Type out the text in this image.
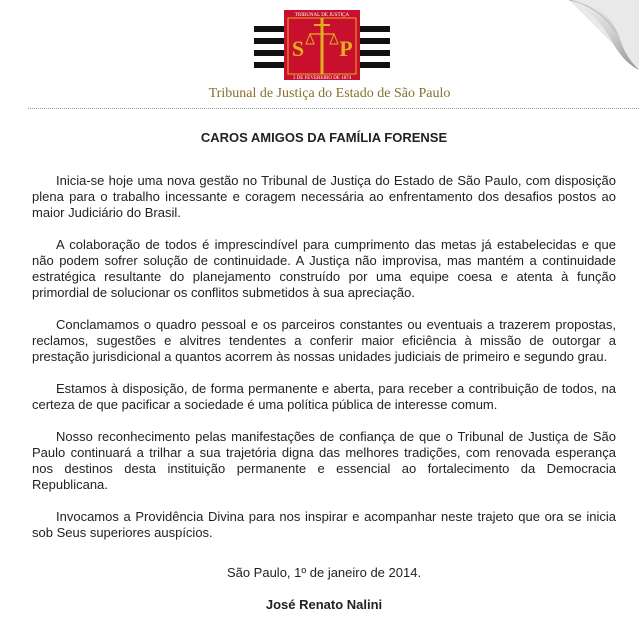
S P
TRIBUNAL DE JUSTIÇA
3 DE FEVEREIRO DE 1874
Tribunal de Justiça do Estado de São Paulo

CAROS AMIGOS DA FAMÍLIA FORENSE

Inicia-se hoje uma nova gestão no Tribunal de Justiça do Estado de São Paulo, com disposição plena para o trabalho incessante e coragem necessária ao enfrentamento dos desafios postos ao maior Judiciário do Brasil.

A colaboração de todos é imprescindível para cumprimento das metas já estabelecidas e que não podem sofrer solução de continuidade. A Justiça não improvisa, mas mantém a continuidade estratégica resultante do planejamento construído por uma equipe coesa e atenta à função primordial de solucionar os conflitos submetidos à sua apreciação.

Conclamamos o quadro pessoal e os parceiros constantes ou eventuais a trazerem propostas, reclamos, sugestões e alvitres tendentes a conferir maior eficiência à missão de outorgar a prestação jurisdicional a quantos acorrem às nossas unidades judiciais de primeiro e segundo grau.

Estamos à disposição, de forma permanente e aberta, para receber a contribuição de todos, na certeza de que pacificar a sociedade é uma política pública de interesse comum.

Nosso reconhecimento pelas manifestações de confiança de que o Tribunal de Justiça de São Paulo continuará a trilhar a sua trajetória digna das melhores tradições, com renovada esperança nos destinos desta instituição permanente e essencial ao fortalecimento da Democracia Republicana.

Invocamos a Providência Divina para nos inspirar e acompanhar neste trajeto que ora se inicia sob Seus superiores auspícios.

São Paulo, 1º de janeiro de 2014.

José Renato Nalini
